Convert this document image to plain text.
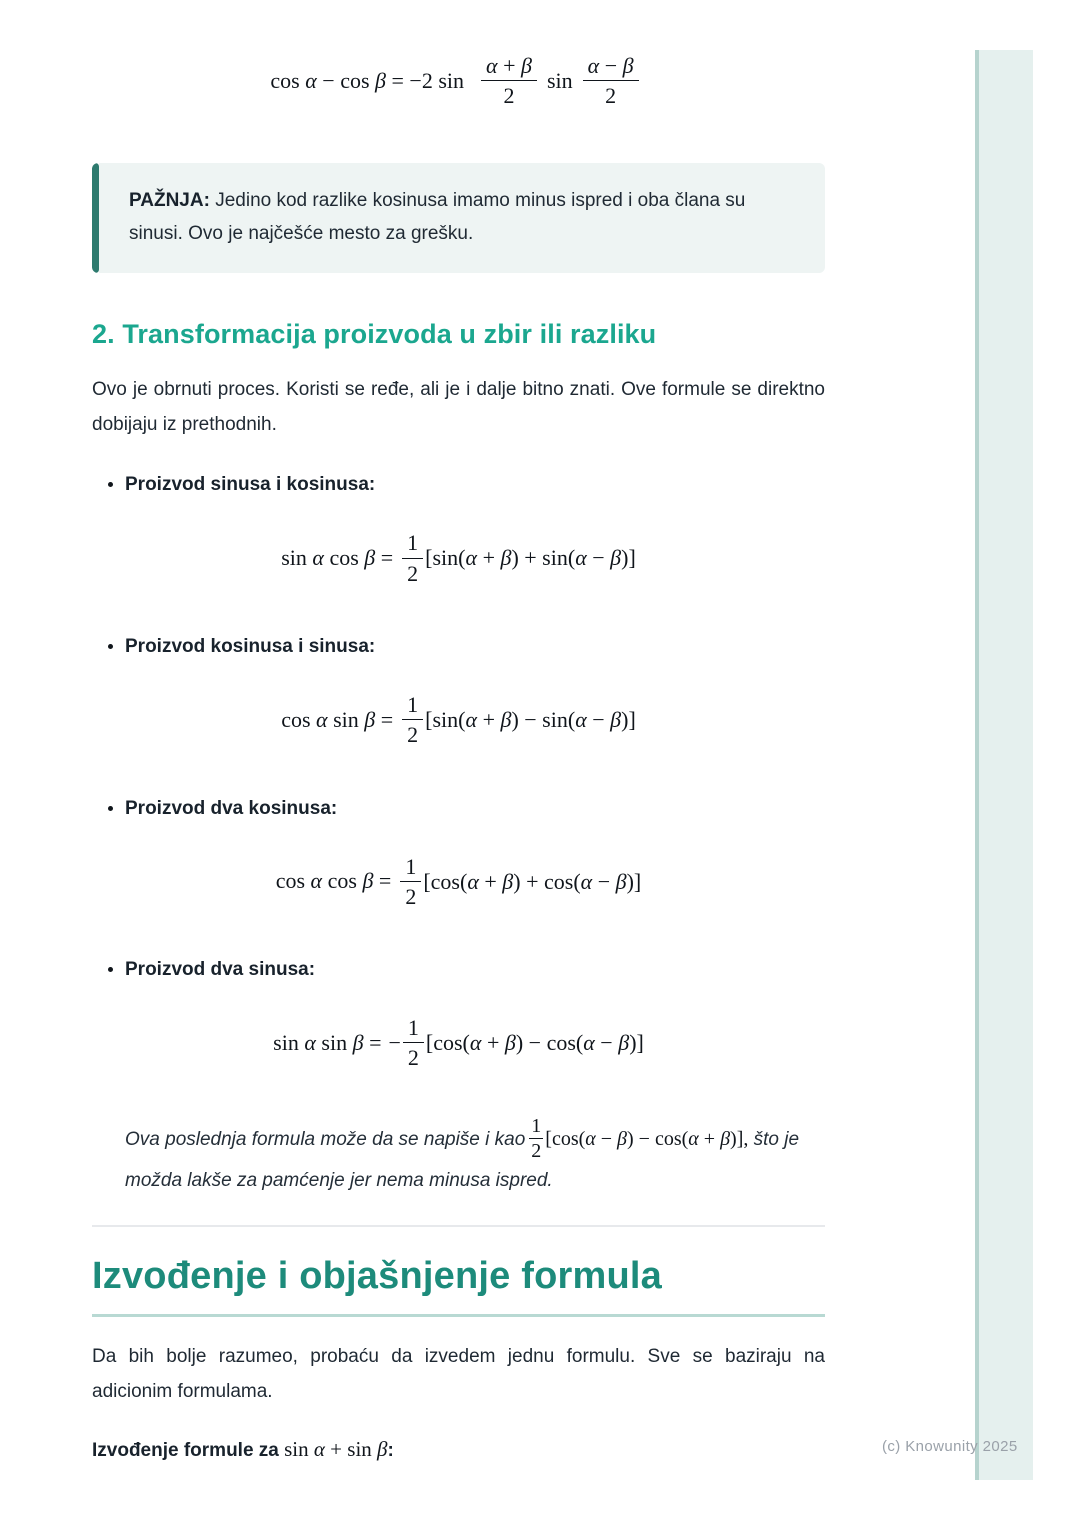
(c) Knowunity 2025
cos α − cos β = −2 $\sin \frac{\alpha + \beta}{2}$ $\sin \frac{\alpha - \beta}{2}$
PAŽNJA: Jedino kod razlike kosinusa imamo minus ispred i oba člana su sinusi. Ovo je najčešće mesto za grešku.
2. Transformacija proizvoda u zbir ili razliku

Ovo je obrnuti proces. Koristi se ređe, ali je i dalje bitno znati. Ove formule se direktno dobijaju iz prethodnih.

• Proizvod sinusa i kosinusa:
sin α $\cos \beta = \frac{1}{2} [\sin(\alpha + \beta) + \sin(\alpha - \beta)]$
• Proizvod kosinusa i sinusa:
cos α $\sin \beta = \frac{1}{2} [\sin(\alpha + \beta) - \sin(\alpha - \beta)]$
• Proizvod dva kosinusa:
cos α $\cos \beta = \frac{1}{2} [\cos(\alpha + \beta) + \cos(\alpha - \beta)]$
• Proizvod dva sinusa:
sin α sin β = − $\frac{1}{2} [\cos(\alpha + \beta) - \cos(\alpha - \beta)]$

Ova poslednja formula može da se napiše i kao $\frac{1}{2} [\cos(\alpha - \beta) - \cos(\alpha + \beta)]$, što je možda lakše za pamćenje jer nema minusa ispred.

Izvođenje i objašnjenje formula

Da bih bolje razumeo, probaću da izvedem jednu formulu. Sve se baziraju na adicionim formulama.

Izvođenje formule za sin α + sin β:
